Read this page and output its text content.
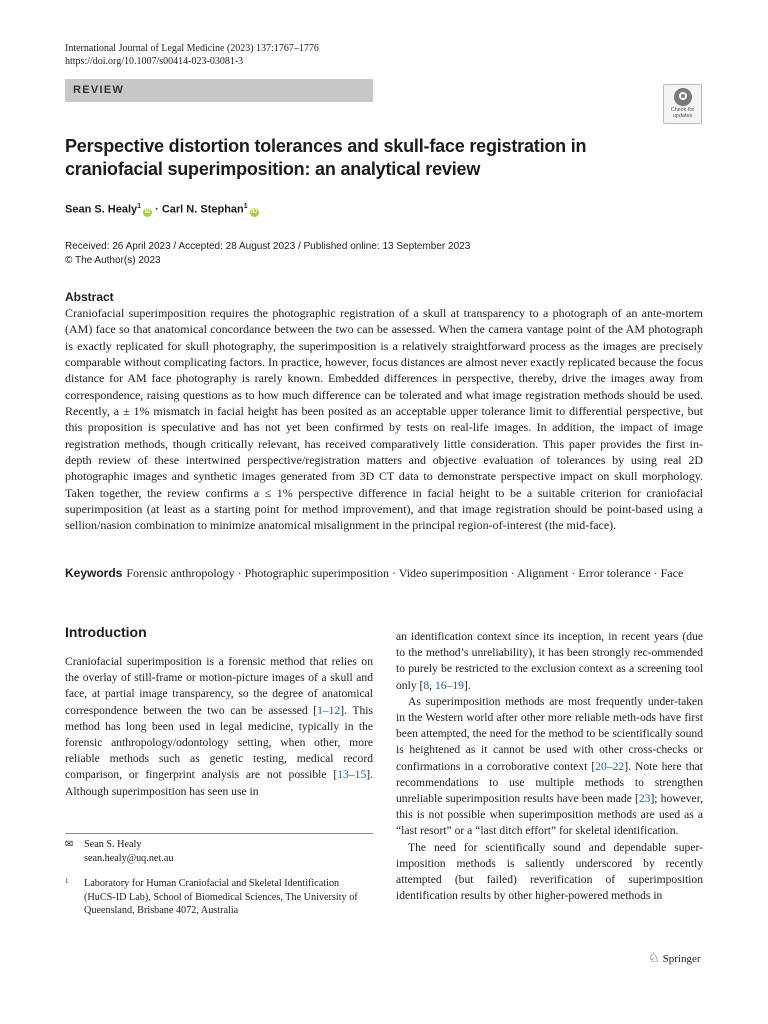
International Journal of Legal Medicine (2023) 137:1767–1776
https://doi.org/10.1007/s00414-023-03081-3
REVIEW
Check for
updates
Perspective distortion tolerances and skull-face registration in craniofacial superimposition: an analytical review
Sean S. Healy$^1$iD · Carl N. Stephan$^1$iD
Received: 26 April 2023 / Accepted: 28 August 2023 / Published online: 13 September 2023
© The Author(s) 2023
Abstract

Craniofacial superimposition requires the photographic registration of a skull at transparency to a photograph of an ante-mortem (AM) face so that anatomical concordance between the two can be assessed. When the camera vantage point of the AM photograph is exactly replicated for skull photography, the superimposition is a relatively straightforward process as the images are precisely comparable without complicating factors. In practice, however, focus distances are almost never exactly replicated because the focus distance for AM face photography is rarely known. Embedded differences in perspective, thereby, drive the images away from correspondence, raising questions as to how much difference can be tolerated and what image registration methods should be used. Recently, a ± 1% mismatch in facial height has been posited as an acceptable upper tolerance limit to differential perspective, but this proposition is speculative and has not yet been confirmed by tests on real-life images. In addition, the impact of image registration methods, though critically relevant, has received comparatively little consideration. This paper provides the first in-depth review of these intertwined perspective/registration matters and objective evaluation of tolerances by using real 2D photographic images and synthetic images generated from 3D CT data to demonstrate perspective impact on skull morphology. Taken together, the review confirms a ≤ 1% perspective difference in facial height to be a suitable criterion for craniofacial superimposition (at least as a starting point for method improvement), and that image registration should be point-based using a sellion/nasion combination to minimize anatomical misalignment in the principal region-of-interest (the mid-face).

Keywords Forensic anthropology · Photographic superimposition · Video superimposition · Alignment · Error tolerance · Face
Introduction

Craniofacial superimposition is a forensic method that relies on the overlay of still-frame or motion-picture images of a skull and face, at partial image transparency, so the degree of anatomical correspondence between the two can be assessed [1–12]. This method has long been used in legal medicine, typically in the forensic anthropology/odontology setting, when other, more reliable methods such as genetic testing, medical record comparison, or fingerprint analysis are not possible [13–15]. Although superimposition has seen use in

an identification context since its inception, in recent years (due to the method’s unreliability), it has been strongly rec-ommended to purely be restricted to the exclusion context as a screening tool only [8, 16–19].

As superimposition methods are most frequently under-taken in the Western world after other more reliable meth-ods have first been attempted, the need for the method to be scientifically sound is heightened as it cannot be used with other cross-checks or confirmations in a corroborative context [20–22]. Note here that recommendations to use multiple methods to strengthen unreliable superimposition results have been made [23]; however, this is not possible when superimposition methods are used as a “last resort” or a “last ditch effort” for skeletal identification.

The need for scientifically sound and dependable super-imposition methods is saliently underscored by recently attempted (but failed) reverification of superimposition identification results by other higher-powered methods in

✉ Sean S. Healy
sean.healy@uq.net.au
1	Laboratory for Human Craniofacial and Skeletal Identification (HuCS-ID Lab), School of Biomedical Sciences, The University of Queensland, Brisbane 4072, Australia
♘ Springer
